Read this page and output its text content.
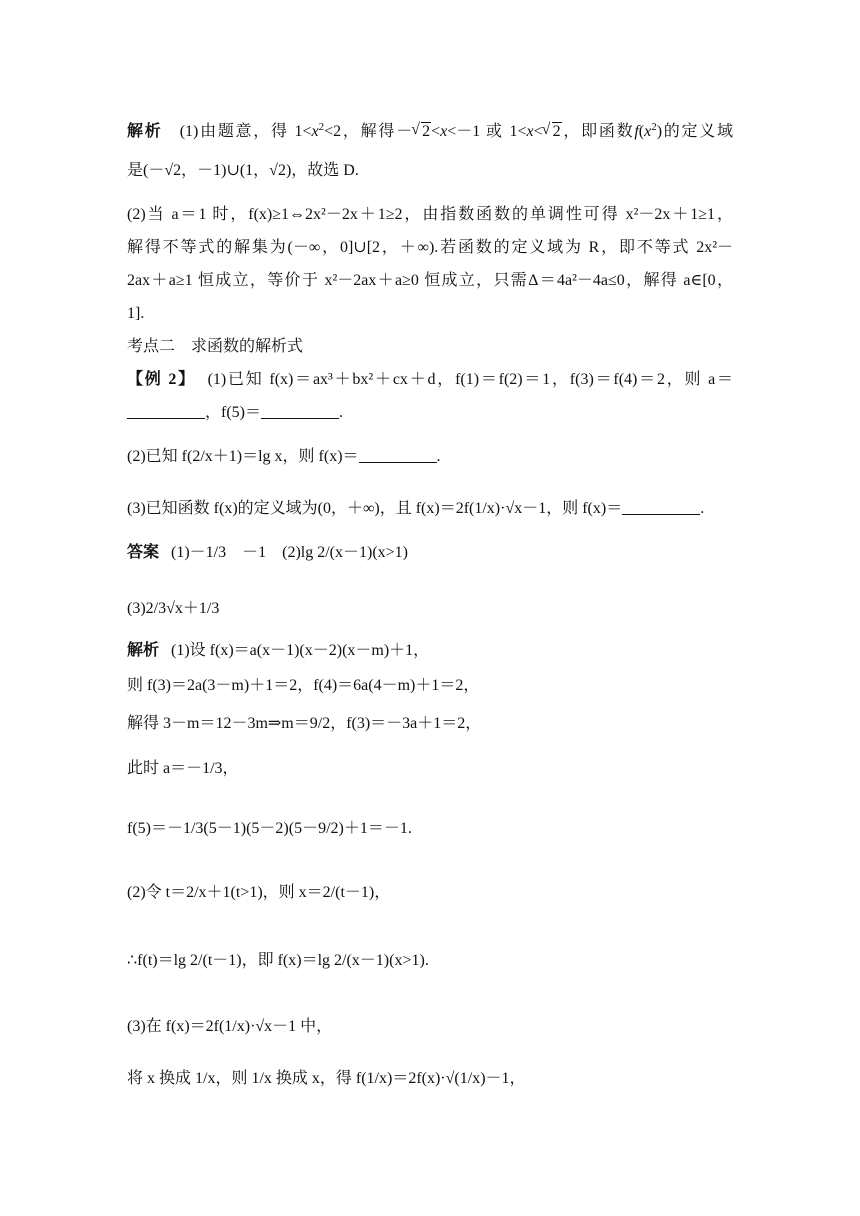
解析 (1)由题意，得 $1<x^2<2$，解得－ √ 2<x<－1 或 1<x< √ 2，即函数$f(x^2)$的定义域
是(－√2，－1)∪(1，√2)，故选 D.
(2)当 a＝1 时，f(x)≥1⇔2x²－2x＋1≥2，由指数函数的单调性可得 x²－2x＋1≥1，
解得不等式的解集为(－∞，0]∪[2，＋∞).若函数的定义域为 R，即不等式 2x²－
2ax＋a≥1 恒成立，等价于 x²－2ax＋a≥0 恒成立，只需Δ＝4a²－4a≤0，解得 a∈[0，
1].
考点二　求函数的解析式
【例 2】 (1)已知 f(x)＝ax³＋bx²＋cx＋d，f(1)＝f(2)＝1，f(3)＝f(4)＝2，则 a＝
，f(5)＝	.
(2)已知 f(2/x＋1)＝lg x，则 f(x)＝	.
(3)已知函数 f(x)的定义域为(0，＋∞)，且 f(x)＝2f(1/x)·√x－1，则 f(x)＝	.
答案 (1)－1/3　－1　(2)lg 2/(x－1)(x>1)
(3)2/3√x＋1/3
解析 (1)设 f(x)＝a(x－1)(x－2)(x－m)＋1，
则 f(3)＝2a(3－m)＋1＝2，f(4)＝6a(4－m)＋1＝2，
解得 3－m＝12－3m⇒m＝9/2，f(3)＝－3a＋1＝2，
此时 a＝－1/3，
f(5)＝－1/3(5－1)(5－2)(5－9/2)＋1＝－1.
(2)令 t＝2/x＋1(t>1)，则 x＝2/(t－1)，
∴f(t)＝lg 2/(t－1)，即 f(x)＝lg 2/(x－1)(x>1).
(3)在 f(x)＝2f(1/x)·√x－1 中，
将 x 换成 1/x，则 1/x 换成 x，得 f(1/x)＝2f(x)·√(1/x)－1，
